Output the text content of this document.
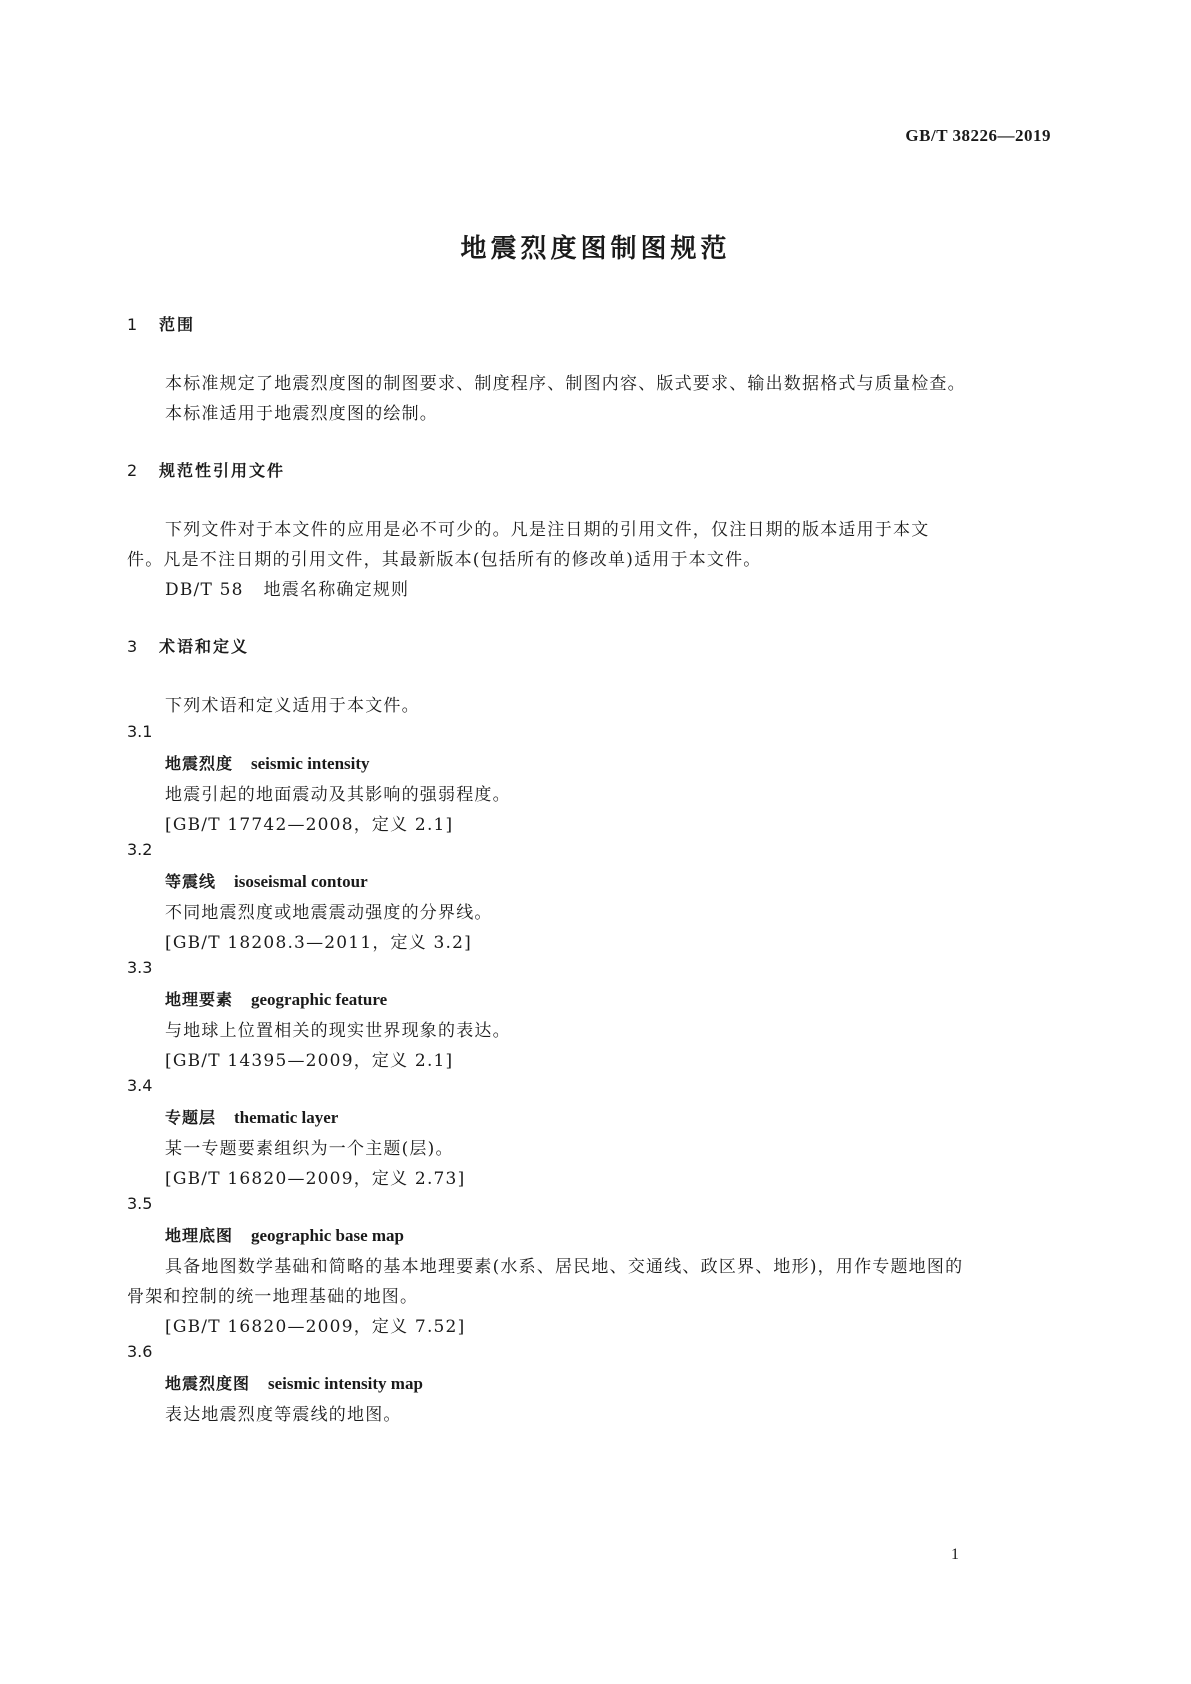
GB/T 38226—2019
地震烈度图制图规范
1 范围

本标准规定了地震烈度图的制图要求、制度程序、制图内容、版式要求、输出数据格式与质量检查。

本标准适用于地震烈度图的绘制。

2 规范性引用文件

下列文件对于本文件的应用是必不可少的。凡是注日期的引用文件，仅注日期的版本适用于本文

件。凡是不注日期的引用文件，其最新版本(包括所有的修改单)适用于本文件。

DB/T 58 地震名称确定规则
3 术语和定义

下列术语和定义适用于本文件。

3.1
地震烈度 seismic intensity

地震引起的地面震动及其影响的强弱程度。

[GB/T 17742—2008，定义 2.1]

3.2
等震线 isoseismal contour

不同地震烈度或地震震动强度的分界线。

[GB/T 18208.3—2011，定义 3.2]

3.3
地理要素 geographic feature

与地球上位置相关的现实世界现象的表达。

[GB/T 14395—2009，定义 2.1]

3.4
专题层 thematic layer

某一专题要素组织为一个主题(层)。

[GB/T 16820—2009，定义 2.73]

3.5
地理底图 geographic base map

具备地图数学基础和简略的基本地理要素(水系、居民地、交通线、政区界、地形)，用作专题地图的

骨架和控制的统一地理基础的地图。

[GB/T 16820—2009，定义 7.52]

3.6
地震烈度图 seismic intensity map

表达地震烈度等震线的地图。

1
